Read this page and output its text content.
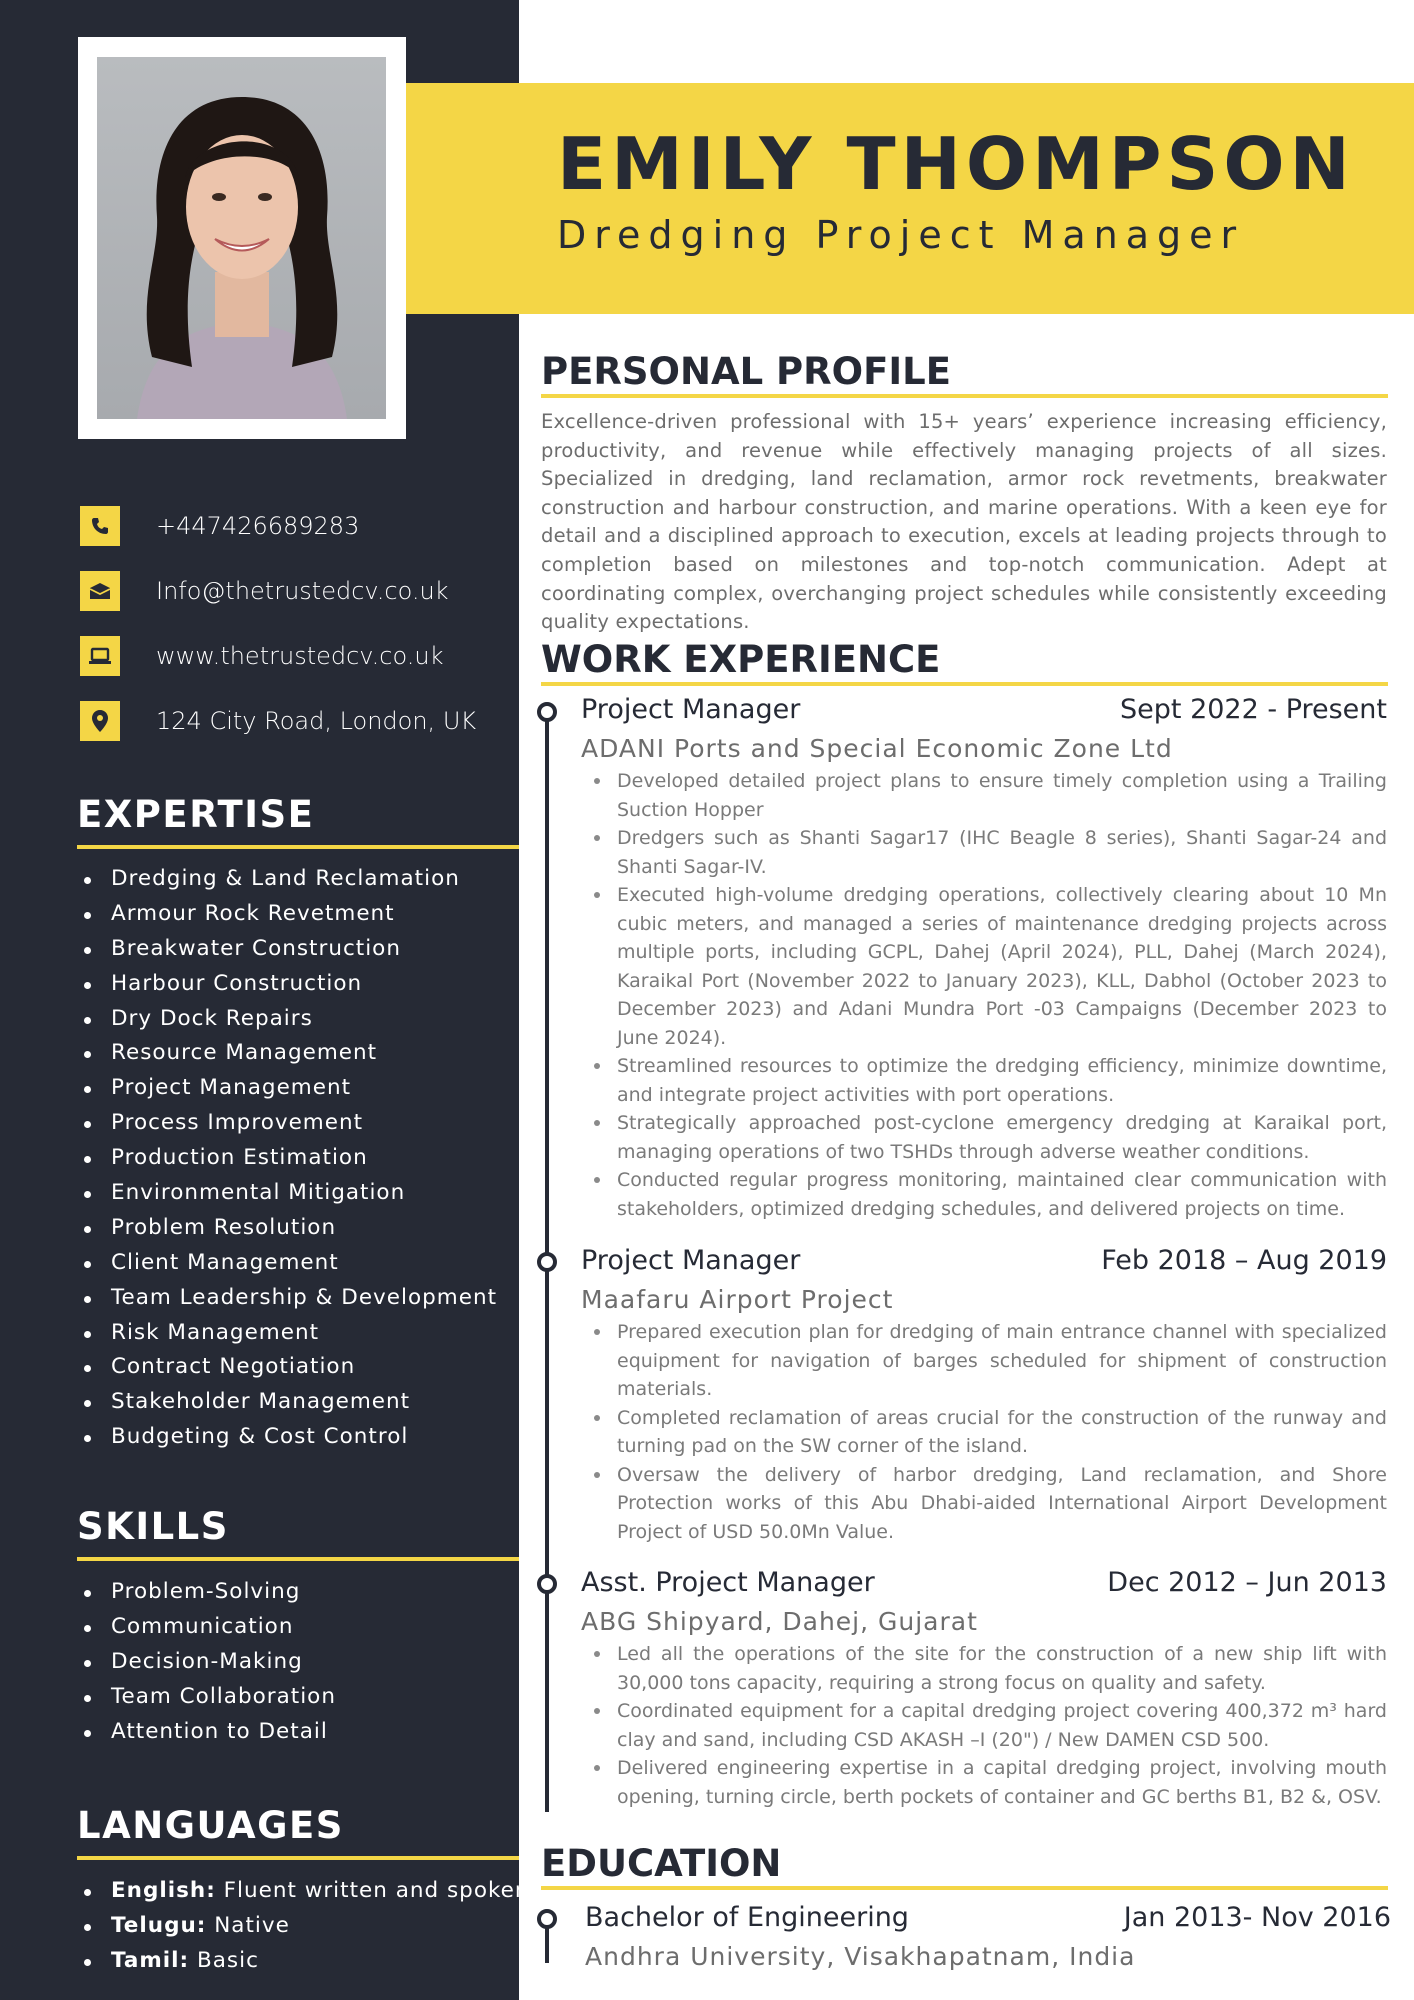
+447426689283
Info@thetrustedcv.co.uk
www.thetrustedcv.co.uk
124 City Road, London, UK
EXPERTISE
Dredging & Land Reclamation
Armour Rock Revetment
Breakwater Construction
Harbour Construction
Dry Dock Repairs
Resource Management
Project Management
Process Improvement
Production Estimation
Environmental Mitigation
Problem Resolution
Client Management
Team Leadership & Development
Risk Management
Contract Negotiation
Stakeholder Management
Budgeting & Cost Control
SKILLS
Problem-Solving
Communication
Decision-Making
Team Collaboration
Attention to Detail
LANGUAGES
English: Fluent written and spoken
Telugu: Native
Tamil: Basic
EMILY THOMPSON
Dredging Project Manager
PERSONAL PROFILE
Excellence-driven professional with 15+ years’ experience increasing efficiency, productivity, and revenue while effectively managing projects of all sizes. Specialized in dredging, land reclamation, armor rock revetments, breakwater construction and harbour construction, and marine operations. With a keen eye for detail and a disciplined approach to execution, excels at leading projects through to completion based on milestones and top-notch communication. Adept at coordinating complex, overchanging project schedules while consistently exceeding quality expectations.
WORK EXPERIENCE
Project Manager	Sept 2022 - Present
ADANI Ports and Special Economic Zone Ltd
Developed detailed project plans to ensure timely completion using a Trailing Suction Hopper
Dredgers such as Shanti Sagar17 (IHC Beagle 8 series), Shanti Sagar-24 and Shanti Sagar-IV.
Executed high-volume dredging operations, collectively clearing about 10 Mn cubic meters, and managed a series of maintenance dredging projects across multiple ports, including GCPL, Dahej (April 2024), PLL, Dahej (March 2024), Karaikal Port (November 2022 to January 2023), KLL, Dabhol (October 2023 to December 2023) and Adani Mundra Port -03 Campaigns (December 2023 to June 2024).
Streamlined resources to optimize the dredging efficiency, minimize downtime, and integrate project activities with port operations.
Strategically approached post-cyclone emergency dredging at Karaikal port, managing operations of two TSHDs through adverse weather conditions.
Conducted regular progress monitoring, maintained clear communication with stakeholders, optimized dredging schedules, and delivered projects on time.
Project Manager	Feb 2018 – Aug 2019
Maafaru Airport Project
Prepared execution plan for dredging of main entrance channel with specialized equipment for navigation of barges scheduled for shipment of construction materials.
Completed reclamation of areas crucial for the construction of the runway and turning pad on the SW corner of the island.
Oversaw the delivery of harbor dredging, Land reclamation, and Shore Protection works of this Abu Dhabi-aided International Airport Development Project of USD 50.0Mn Value.
Asst. Project Manager	Dec 2012 – Jun 2013
ABG Shipyard, Dahej, Gujarat
Led all the operations of the site for the construction of a new ship lift with 30,000 tons capacity, requiring a strong focus on quality and safety.
Coordinated equipment for a capital dredging project covering 400,372 m³ hard clay and sand, including CSD AKASH –I (20") / New DAMEN CSD 500.
Delivered engineering expertise in a capital dredging project, involving mouth opening, turning circle, berth pockets of container and GC berths B1, B2 &, OSV.
EDUCATION
Bachelor of Engineering	Jan 2013- Nov 2016
Andhra University, Visakhapatnam, India
